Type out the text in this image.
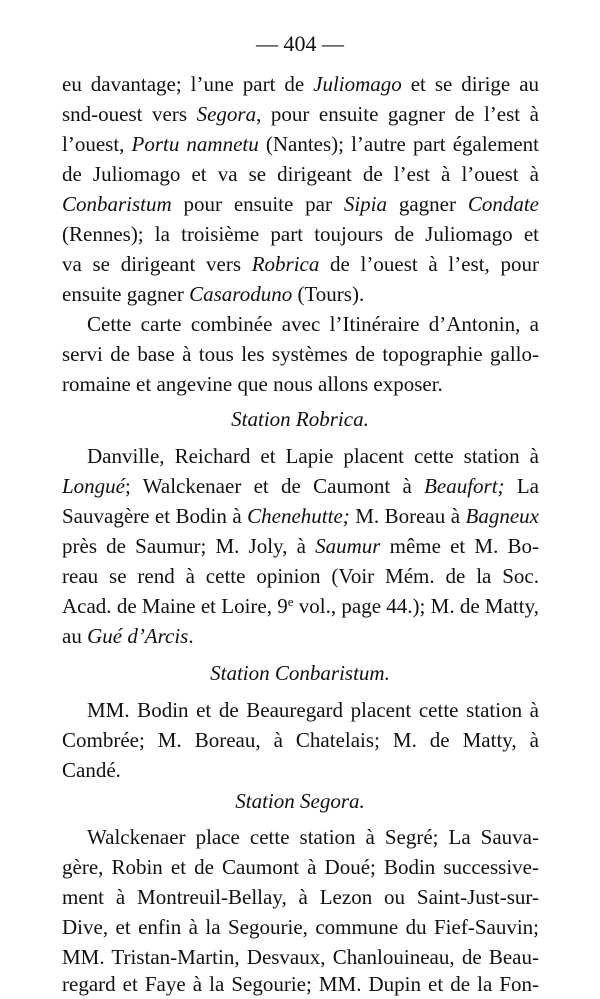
— 404 —
eu davantage; l’une part de Juliomago et se dirige au
snd-ouest vers Segora, pour ensuite gagner de l’est à
l’ouest, Portu namnetu (Nantes); l’autre part également
de Juliomago et va se dirigeant de l’est à l’ouest à
Conbaristum pour ensuite par Sipia gagner Condate
(Rennes); la troisième part toujours de Juliomago et
va se dirigeant vers Robrica de l’ouest à l’est, pour
ensuite gagner Casaroduno (Tours).
Cette carte combinée avec l’Itinéraire d’Antonin, a
servi de base à tous les systèmes de topographie gallo-
romaine et angevine que nous allons exposer.
Station Robrica.
Danville, Reichard et Lapie placent cette station à
Longué; Walckenaer et de Caumont à Beaufort; La
Sauvagère et Bodin à Chenehutte; M. Boreau à Bagneux
près de Saumur; M. Joly, à Saumur même et M. Bo-
reau se rend à cette opinion (Voir Mém. de la Soc.
Acad. de Maine et Loire, 9e vol., page 44.); M. de Matty,
au Gué d’Arcis.
Station Conbaristum.
MM. Bodin et de Beauregard placent cette station à
Combrée; M. Boreau, à Chatelais; M. de Matty, à
Candé.
Station Segora.
Walckenaer place cette station à Segré; La Sauva-
gère, Robin et de Caumont à Doué; Bodin successive-
ment à Montreuil-Bellay, à Lezon ou Saint-Just-sur-
Dive, et enfin à la Segourie, commune du Fief-Sauvin;
MM. Tristan-Martin, Desvaux, Chanlouineau, de Beau-
regard et Faye à la Segourie; MM. Dupin et de la Fon-
